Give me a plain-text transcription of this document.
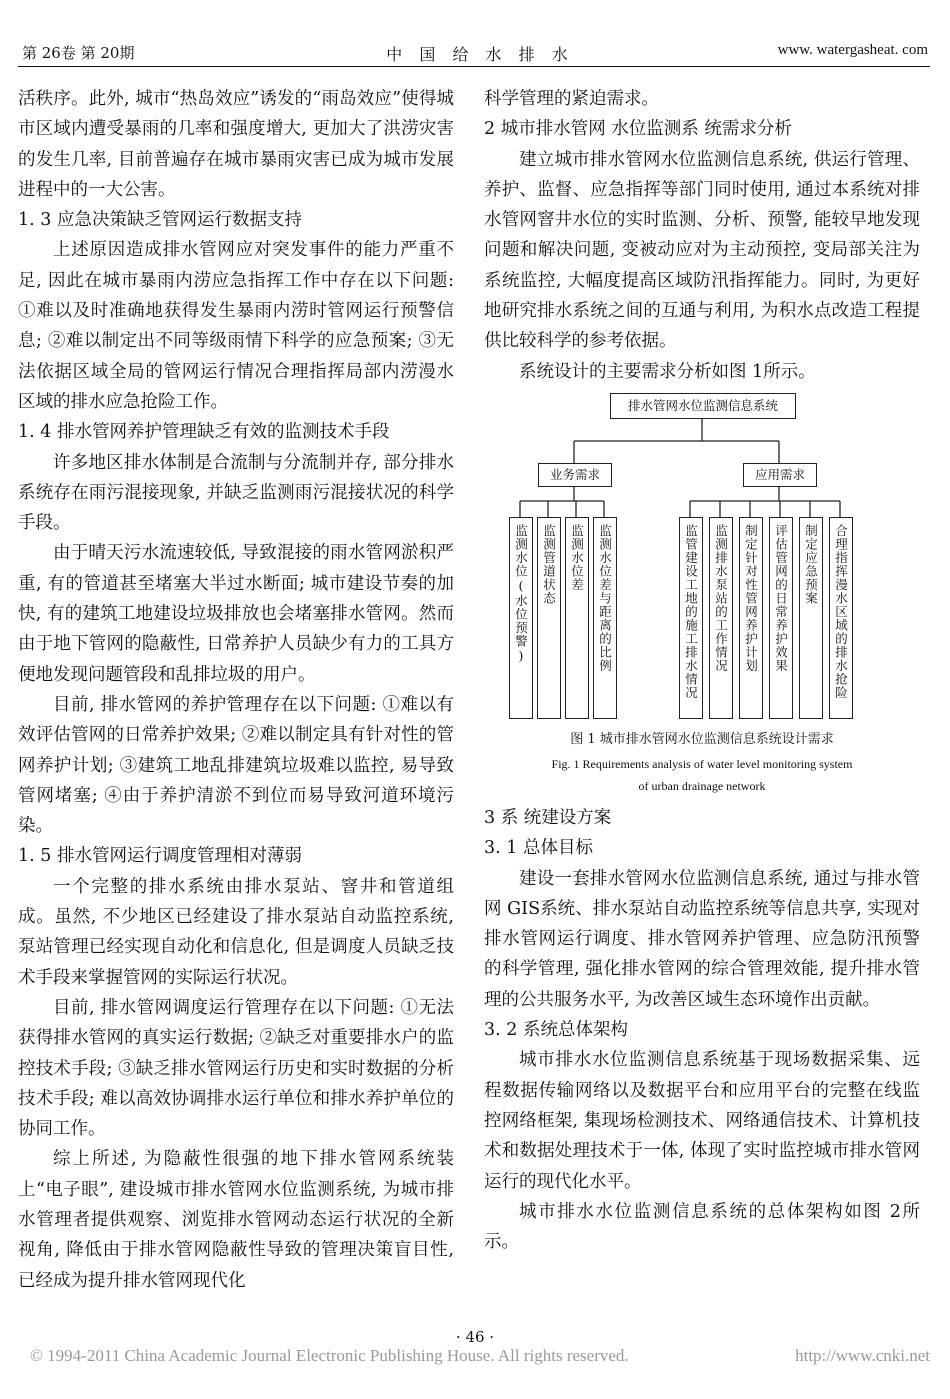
第 26卷 第 20期	中 国 给 水 排 水	www. watergasheat. com

活秩序。此外, 城市“热岛效应”诱发的“雨岛效应”使得城市区域内遭受暴雨的几率和强度增大, 更加大了洪涝灾害的发生几率, 目前普遍存在城市暴雨灾害已成为城市发展进程中的一大公害。

1. 3 应急决策缺乏管网运行数据支持

上述原因造成排水管网应对突发事件的能力严重不足, 因此在城市暴雨内涝应急指挥工作中存在以下问题: ①难以及时准确地获得发生暴雨内涝时管网运行预警信息; ②难以制定出不同等级雨情下科学的应急预案; ③无法依据区域全局的管网运行情况合理指挥局部内涝漫水区域的排水应急抢险工作。

1. 4 排水管网养护管理缺乏有效的监测技术手段

许多地区排水体制是合流制与分流制并存, 部分排水系统存在雨污混接现象, 并缺乏监测雨污混接状况的科学手段。

由于晴天污水流速较低, 导致混接的雨水管网淤积严重, 有的管道甚至堵塞大半过水断面; 城市建设节奏的加快, 有的建筑工地建设垃圾排放也会堵塞排水管网。然而由于地下管网的隐蔽性, 日常养护人员缺少有力的工具方便地发现问题管段和乱排垃圾的用户。

目前, 排水管网的养护管理存在以下问题: ①难以有效评估管网的日常养护效果; ②难以制定具有针对性的管网养护计划; ③建筑工地乱排建筑垃圾难以监控, 易导致管网堵塞; ④由于养护清淤不到位而易导致河道环境污染。

1. 5 排水管网运行调度管理相对薄弱

一个完整的排水系统由排水泵站、窨井和管道组成。虽然, 不少地区已经建设了排水泵站自动监控系统, 泵站管理已经实现自动化和信息化, 但是调度人员缺乏技术手段来掌握管网的实际运行状况。

目前, 排水管网调度运行管理存在以下问题: ①无法获得排水管网的真实运行数据; ②缺乏对重要排水户的监控技术手段; ③缺乏排水管网运行历史和实时数据的分析技术手段; 难以高效协调排水运行单位和排水养护单位的协同工作。

综上所述, 为隐蔽性很强的地下排水管网系统装上“电子眼”, 建设城市排水管网水位监测系统, 为城市排水管理者提供观察、浏览排水管网动态运行状况的全新视角, 降低由于排水管网隐蔽性导致的管理决策盲目性, 已经成为提升排水管网现代化

科学管理的紧迫需求。

2 城市排水管网 水位监测系 统需求分析

建立城市排水管网水位监测信息系统, 供运行管理、养护、监督、应急指挥等部门同时使用, 通过本系统对排水管网窨井水位的实时监测、分析、预警, 能较早地发现问题和解决问题, 变被动应对为主动预控, 变局部关注为系统监控, 大幅度提高区域防汛指挥能力。同时, 为更好地研究排水系统之间的互通与利用, 为积水点改造工程提供比较科学的参考依据。

系统设计的主要需求分析如图 1所示。

排水管网水位监测信息系统
业务需求
监测水位(水位预警) 监测管道状态 监测水位差 监测水位差与距离的比例
应用需求
监管建设工地的施工排水情况 监测排水泵站的工作情况 制定针对性管网养护计划 评估管网的日常养护效果 制定应急预案 合理指挥漫水区域的排水抢险
图 1 城市排水管网水位监测信息系统设计需求
Fig. 1 Requirements analysis of water level monitoring system
of urban drainage network
3 系 统建设方案
3. 1 总体目标

建设一套排水管网水位监测信息系统, 通过与排水管网 GIS系统、排水泵站自动监控系统等信息共享, 实现对排水管网运行调度、排水管网养护管理、应急防汛预警的科学管理, 强化排水管网的综合管理效能, 提升排水管理的公共服务水平, 为改善区域生态环境作出贡献。

3. 2 系统总体架构

城市排水水位监测信息系统基于现场数据采集、远程数据传输网络以及数据平台和应用平台的完整在线监控网络框架, 集现场检测技术、网络通信技术、计算机技术和数据处理技术于一体, 体现了实时监控城市排水管网运行的现代化水平。

城市排水水位监测信息系统的总体架构如图 2所示。

· 46 ·
© 1994-2011 China Academic Journal Electronic Publishing House. All rights reserved.	http://www.cnki.net
